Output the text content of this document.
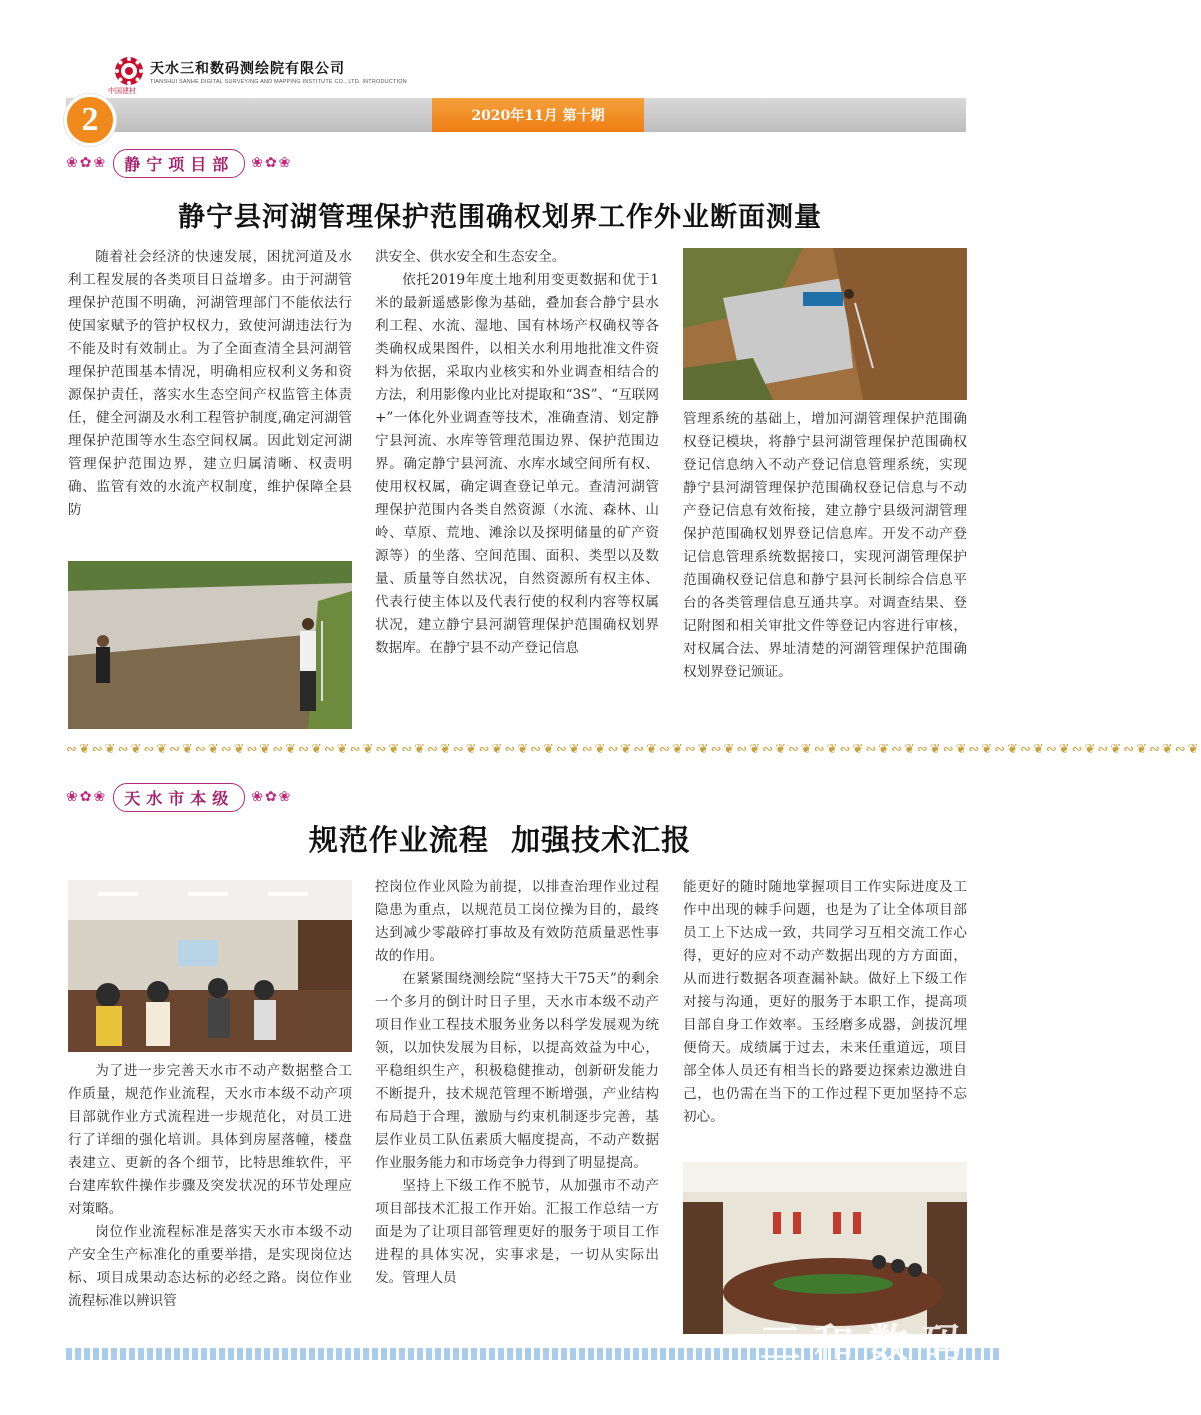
中国建材
天水三和数码测绘院有限公司
TIANSHUI SANHE DIGITAL SURVEYING AND MAPPING INSTITUTE CO., LTD. INTRODUCTION
2020年11月 第十期
2
❀✿❀	静宁项目部	❀✿❀
静宁县河湖管理保护范围确权划界工作外业断面测量

随着社会经济的快速发展，困扰河道及水利工程发展的各类项目日益增多。由于河湖管理保护范围不明确，河湖管理部门不能依法行使国家赋予的管护权权力，致使河湖违法行为不能及时有效制止。为了全面查清全县河湖管理保护范围基本情况，明确相应权利义务和资源保护责任，落实水生态空间产权监管主体责任，健全河湖及水利工程管护制度,确定河湖管理保护范围等水生态空间权属。因此划定河湖管理保护范围边界，建立归属清晰、权责明确、监管有效的水流产权制度，维护保障全县防

洪安全、供水安全和生态安全。

依托2019年度土地利用变更数据和优于1米的最新遥感影像为基础，叠加套合静宁县水利工程、水流、湿地、国有林场产权确权等各类确权成果图件，以相关水利用地批准文件资料为依据，采取内业核实和外业调查相结合的方法，利用影像内业比对提取和“3S”、“互联网+”一体化外业调查等技术，准确查清、划定静宁县河流、水库等管理范围边界、保护范围边界。确定静宁县河流、水库水域空间所有权、使用权权属，确定调查登记单元。查清河湖管理保护范围内各类自然资源（水流、森林、山岭、草原、荒地、滩涂以及探明储量的矿产资源等）的坐落、空间范围、面积、类型以及数量、质量等自然状况，自然资源所有权主体、代表行使主体以及代表行使的权利内容等权属状况，建立静宁县河湖管理保护范围确权划界数据库。在静宁县不动产登记信息

管理系统的基础上，增加河湖管理保护范围确权登记模块，将静宁县河湖管理保护范围确权登记信息纳入不动产登记信息管理系统，实现静宁县河湖管理保护范围确权登记信息与不动产登记信息有效衔接，建立静宁县级河湖管理保护范围确权划界登记信息库。开发不动产登记信息管理系统数据接口，实现河湖管理保护范围确权登记信息和静宁县河长制综合信息平台的各类管理信息互通共享。对调查结果、登记附图和相关审批文件等登记内容进行审核，对权属合法、界址清楚的河湖管理保护范围确权划界登记颁证。

∾❦∾❦∾❦∾❦∾❦∾❦∾❦∾❦∾❦∾❦∾❦∾❦∾❦∾❦∾❦∾❦∾❦∾❦∾❦∾❦∾❦∾❦∾❦∾❦∾❦∾❦∾❦∾❦∾❦∾❦∾❦∾❦∾❦∾❦∾❦∾❦∾❦∾❦∾❦∾❦∾❦∾❦∾❦∾❦
❀✿❀	天水市本级	❀✿❀
规范作业流程  加强技术汇报

为了进一步完善天水市不动产数据整合工作质量，规范作业流程，天水市本级不动产项目部就作业方式流程进一步规范化，对员工进行了详细的强化培训。具体到房屋落幢，楼盘表建立、更新的各个细节，比特思维软件，平台建库软件操作步骤及突发状况的环节处理应对策略。

岗位作业流程标准是落实天水市本级不动产安全生产标准化的重要举措，是实现岗位达标、项目成果动态达标的必经之路。岗位作业流程标准以辨识管

控岗位作业风险为前提，以排查治理作业过程隐患为重点，以规范员工岗位操为目的，最终达到减少零敲碎打事故及有效防范质量恶性事故的作用。

在紧紧围绕测绘院“坚持大干75天”的剩余一个多月的倒计时日子里，天水市本级不动产项目作业工程技术服务业务以科学发展观为统领，以加快发展为目标，以提高效益为中心，平稳组织生产，积极稳健推动，创新研发能力不断提升，技术规范管理不断增强，产业结构布局趋于合理，激励与约束机制逐步完善，基层作业员工队伍素质大幅度提高，不动产数据作业服务能力和市场竞争力得到了明显提高。

坚持上下级工作不脱节，从加强市不动产项目部技术汇报工作开始。汇报工作总结一方面是为了让项目部管理更好的服务于项目工作进程的具体实况，实事求是，一切从实际出发。管理人员

能更好的随时随地掌握项目工作实际进度及工作中出现的棘手问题，也是为了让全体项目部员工上下达成一致，共同学习互相交流工作心得，更好的应对不动产数据出现的方方面面，从而进行数据各项查漏补缺。做好上下级工作对接与沟通，更好的服务于本职工作，提高项目部自身工作效率。玉经磨多成器，剑拔沉埋便倚天。成绩属于过去，未来任重道远，项目部全体人员还有相当长的路要边探索边激进自己，也仍需在当下的工作过程下更加坚持不忘初心。

三和数码
